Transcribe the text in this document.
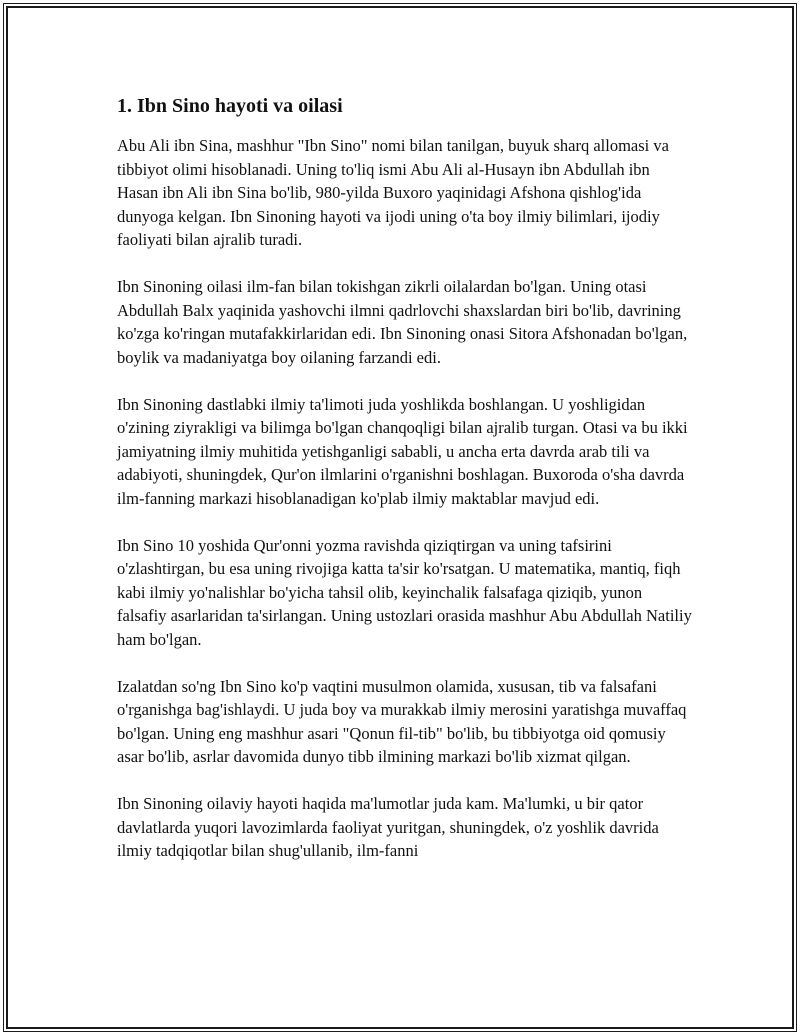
1. Ibn Sino hayoti va oilasi

Abu Ali ibn Sina, mashhur "Ibn Sino" nomi bilan tanilgan, buyuk sharq allomasi va tibbiyot olimi hisoblanadi. Uning to'liq ismi Abu Ali al-Husayn ibn Abdullah ibn Hasan ibn Ali ibn Sina bo'lib, 980-yilda Buxoro yaqinidagi Afshona qishlog'ida dunyoga kelgan. Ibn Sinoning hayoti va ijodi uning o'ta boy ilmiy bilimlari, ijodiy faoliyati bilan ajralib turadi.

Ibn Sinoning oilasi ilm-fan bilan tokishgan zikrli oilalardan bo'lgan. Uning otasi Abdullah Balx yaqinida yashovchi ilmni qadrlovchi shaxslardan biri bo'lib, davrining ko'zga ko'ringan mutafakkirlaridan edi. Ibn Sinoning onasi Sitora Afshonadan bo'lgan, boylik va madaniyatga boy oilaning farzandi edi.

Ibn Sinoning dastlabki ilmiy ta'limoti juda yoshlikda boshlangan. U yoshligidan o'zining ziyrakligi va bilimga bo'lgan chanqoqligi bilan ajralib turgan. Otasi va bu ikki jamiyatning ilmiy muhitida yetishganligi sababli, u ancha erta davrda arab tili va adabiyoti, shuningdek, Qur'on ilmlarini o'rganishni boshlagan. Buxoroda o'sha davrda ilm-fanning markazi hisoblanadigan ko'plab ilmiy maktablar mavjud edi.

Ibn Sino 10 yoshida Qur'onni yozma ravishda qiziqtirgan va uning tafsirini o'zlashtirgan, bu esa uning rivojiga katta ta'sir ko'rsatgan. U matematika, mantiq, fiqh kabi ilmiy yo'nalishlar bo'yicha tahsil olib, keyinchalik falsafaga qiziqib, yunon falsafiy asarlaridan ta'sirlangan. Uning ustozlari orasida mashhur Abu Abdullah Natiliy ham bo'lgan.

Izalatdan so'ng Ibn Sino ko'p vaqtini musulmon olamida, xususan, tib va falsafani o'rganishga bag'ishlaydi. U juda boy va murakkab ilmiy merosini yaratishga muvaffaq bo'lgan. Uning eng mashhur asari "Qonun fil-tib" bo'lib, bu tibbiyotga oid qomusiy asar bo'lib, asrlar davomida dunyo tibb ilmining markazi bo'lib xizmat qilgan.

Ibn Sinoning oilaviy hayoti haqida ma'lumotlar juda kam. Ma'lumki, u bir qator davlatlarda yuqori lavozimlarda faoliyat yuritgan, shuningdek, o'z yoshlik davrida ilmiy tadqiqotlar bilan shug'ullanib, ilm-fanni
